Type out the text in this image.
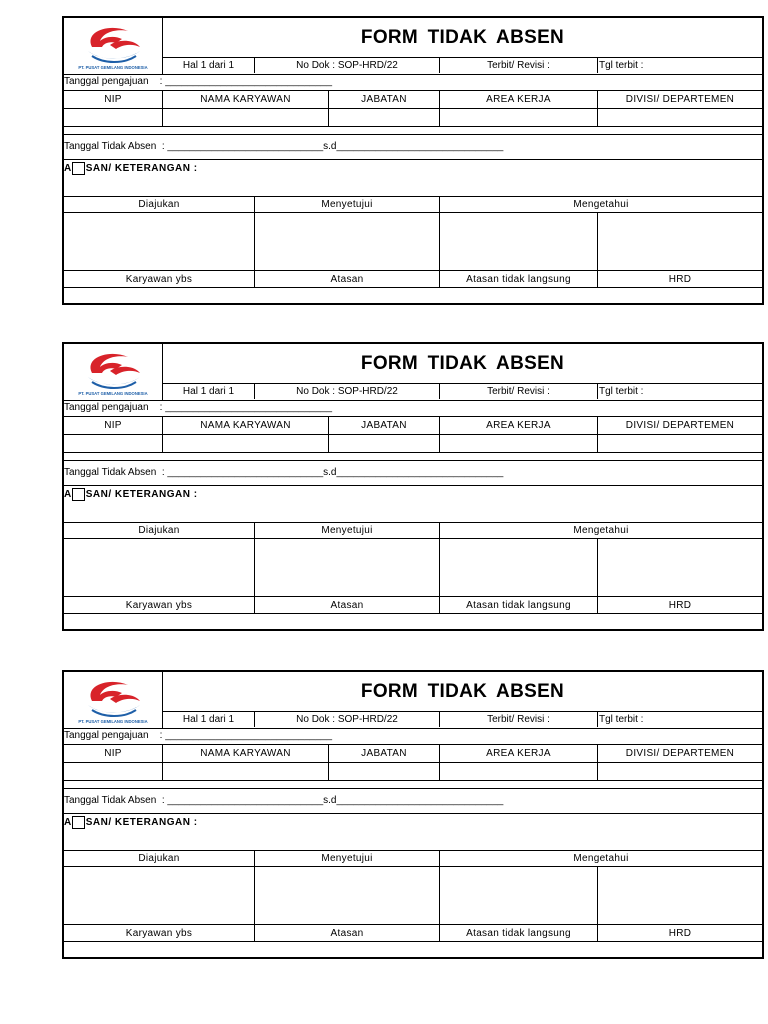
PT. PUSAT GEMILANG INDONESIA
FORM TIDAK ABSEN
Hal 1 dari 1	No Dok : SOP-HRD/22	Terbit/ Revisi :	Tgl terbit :
Tanggal pengajuan    : ______________________________
NIP	NAMA KARYAWAN	JABATAN	AREA KERJA	DIVISI/ DEPARTEMEN
Tanggal Tidak Absen  : ____________________________s.d______________________________
A SAN/ KETERANGAN :
Diajukan	Menyetujui	Mengetahui
Karyawan ybs	Atasan	Atasan tidak langsung	HRD
PT. PUSAT GEMILANG INDONESIA
FORM TIDAK ABSEN
Hal 1 dari 1	No Dok : SOP-HRD/22	Terbit/ Revisi :	Tgl terbit :
Tanggal pengajuan    : ______________________________
NIP	NAMA KARYAWAN	JABATAN	AREA KERJA	DIVISI/ DEPARTEMEN
Tanggal Tidak Absen  : ____________________________s.d______________________________
A SAN/ KETERANGAN :
Diajukan	Menyetujui	Mengetahui
Karyawan ybs	Atasan	Atasan tidak langsung	HRD
PT. PUSAT GEMILANG INDONESIA
FORM TIDAK ABSEN
Hal 1 dari 1	No Dok : SOP-HRD/22	Terbit/ Revisi :	Tgl terbit :
Tanggal pengajuan    : ______________________________
NIP	NAMA KARYAWAN	JABATAN	AREA KERJA	DIVISI/ DEPARTEMEN
Tanggal Tidak Absen  : ____________________________s.d______________________________
A SAN/ KETERANGAN :
Diajukan	Menyetujui	Mengetahui
Karyawan ybs	Atasan	Atasan tidak langsung	HRD
